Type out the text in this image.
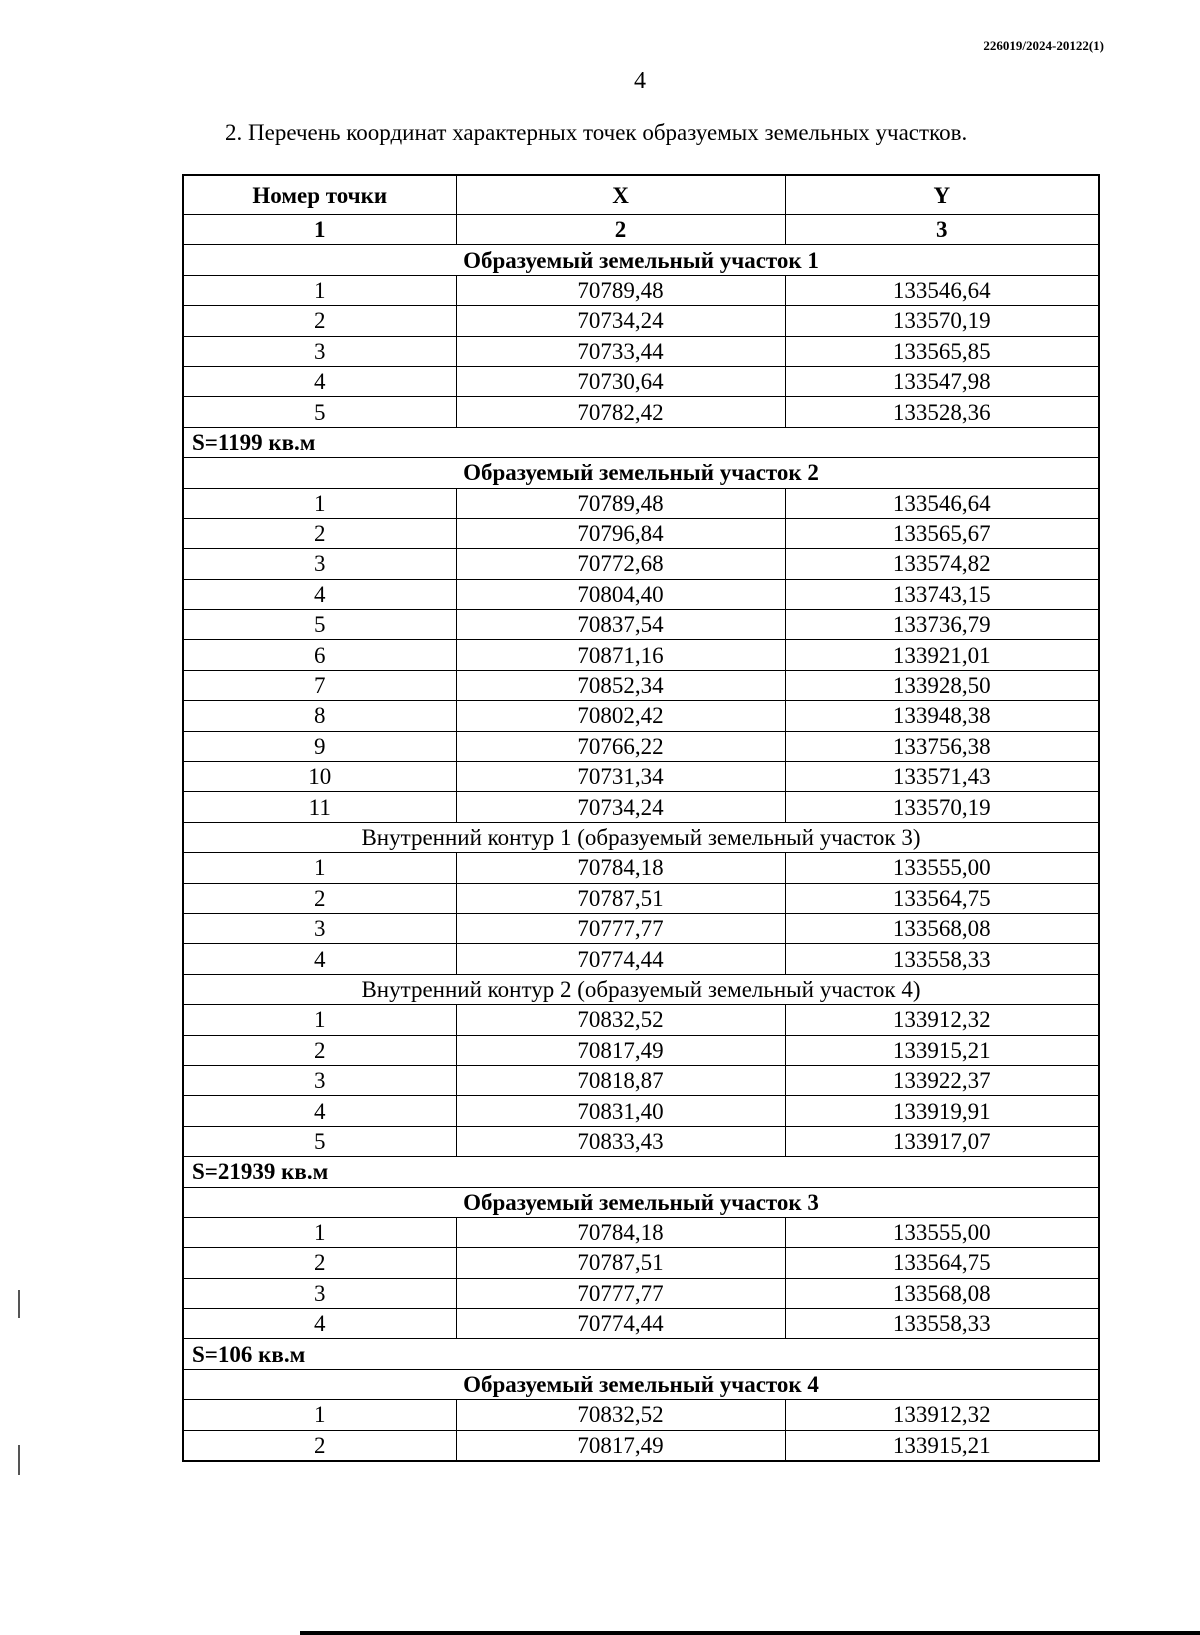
226019/2024-20122(1)
4
2. Перечень координат характерных точек образуемых земельных участков.
Номер точки	X	Y
1	2	3
Образуемый земельный участок 1		
1	70789,48	133546,64
2	70734,24	133570,19
3	70733,44	133565,85
4	70730,64	133547,98
5	70782,42	133528,36
S=1199 кв.м		
Образуемый земельный участок 2		
1	70789,48	133546,64
2	70796,84	133565,67
3	70772,68	133574,82
4	70804,40	133743,15
5	70837,54	133736,79
6	70871,16	133921,01
7	70852,34	133928,50
8	70802,42	133948,38
9	70766,22	133756,38
10	70731,34	133571,43
11	70734,24	133570,19
Внутренний контур 1 (образуемый земельный участок 3)		
1	70784,18	133555,00
2	70787,51	133564,75
3	70777,77	133568,08
4	70774,44	133558,33
Внутренний контур 2 (образуемый земельный участок 4)		
1	70832,52	133912,32
2	70817,49	133915,21
3	70818,87	133922,37
4	70831,40	133919,91
5	70833,43	133917,07
S=21939 кв.м		
Образуемый земельный участок 3		
1	70784,18	133555,00
2	70787,51	133564,75
3	70777,77	133568,08
4	70774,44	133558,33
S=106 кв.м		
Образуемый земельный участок 4		
1	70832,52	133912,32
2	70817,49	133915,21
